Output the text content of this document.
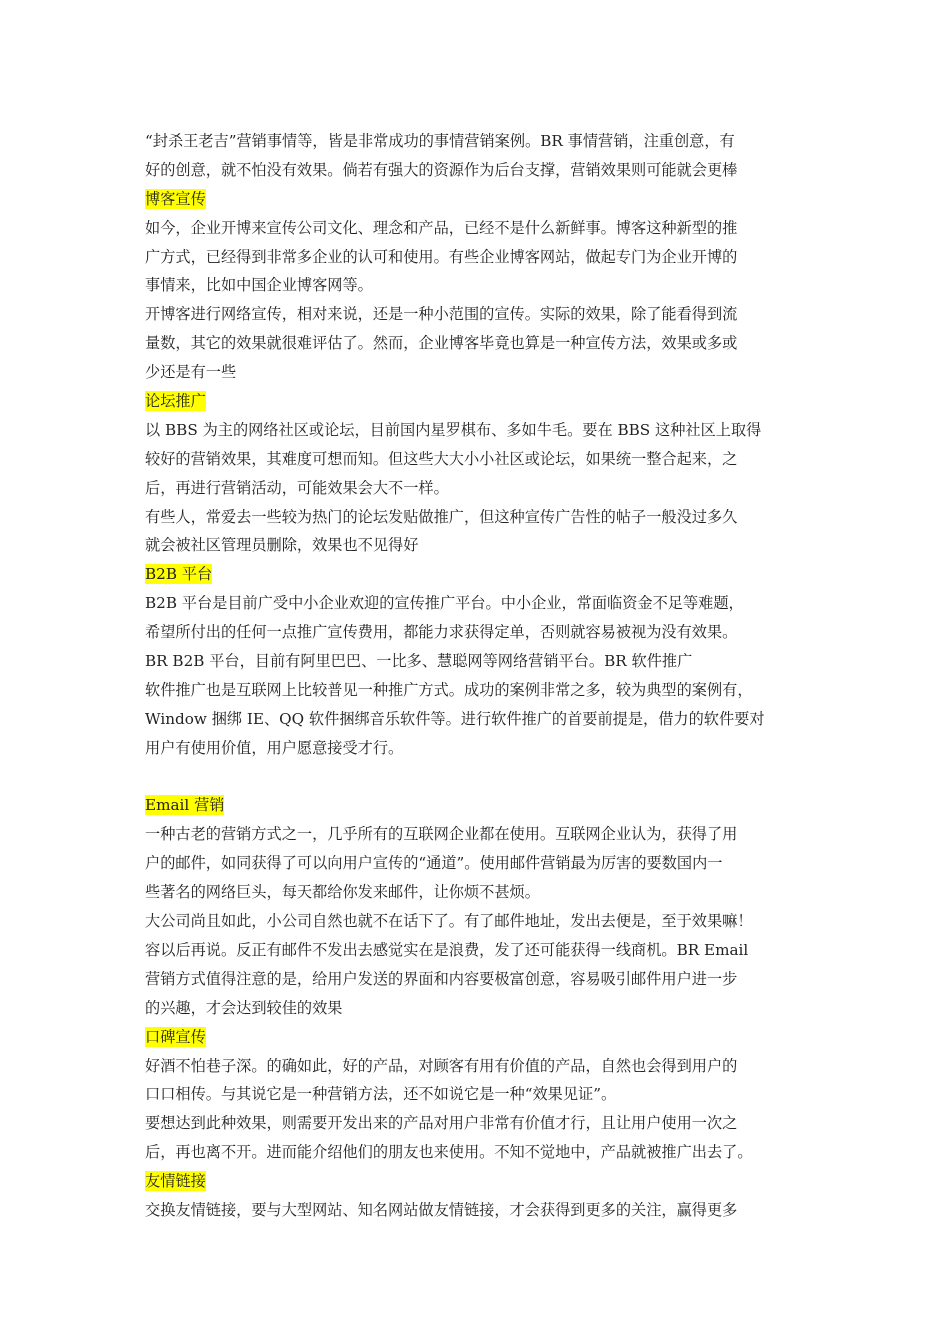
“封杀王老吉”营销事情等，皆是非常成功的事情营销案例。BR 事情营销，注重创意，有
好的创意，就不怕没有效果。倘若有强大的资源作为后台支撑，营销效果则可能就会更棒
博客宣传
如今，企业开博来宣传公司文化、理念和产品，已经不是什么新鲜事。博客这种新型的推
广方式，已经得到非常多企业的认可和使用。有些企业博客网站，做起专门为企业开博的
事情来，比如中国企业博客网等。
开博客进行网络宣传，相对来说，还是一种小范围的宣传。实际的效果，除了能看得到流
量数，其它的效果就很难评估了。然而，企业博客毕竟也算是一种宣传方法，效果或多或
少还是有一些
论坛推广
以 BBS 为主的网络社区或论坛，目前国内星罗棋布、多如牛毛。要在 BBS 这种社区上取得
较好的营销效果，其难度可想而知。但这些大大小小社区或论坛，如果统一整合起来，之
后，再进行营销活动，可能效果会大不一样。
有些人，常爱去一些较为热门的论坛发贴做推广，但这种宣传广告性的帖子一般没过多久
就会被社区管理员删除，效果也不见得好
B2B 平台
B2B 平台是目前广受中小企业欢迎的宣传推广平台。中小企业，常面临资金不足等难题，
希望所付出的任何一点推广宣传费用，都能力求获得定单，否则就容易被视为没有效果。
BR B2B 平台，目前有阿里巴巴、一比多、慧聪网等网络营销平台。BR 软件推广
软件推广也是互联网上比较普见一种推广方式。成功的案例非常之多，较为典型的案例有，
Window 捆绑 IE、QQ 软件捆绑音乐软件等。进行软件推广的首要前提是，借力的软件要对
用户有使用价值，用户愿意接受才行。
Email 营销
一种古老的营销方式之一，几乎所有的互联网企业都在使用。互联网企业认为，获得了用
户的邮件，如同获得了可以向用户宣传的“通道”。使用邮件营销最为厉害的要数国内一
些著名的网络巨头，每天都给你发来邮件，让你烦不甚烦。
大公司尚且如此，小公司自然也就不在话下了。有了邮件地址，发出去便是，至于效果嘛！
容以后再说。反正有邮件不发出去感觉实在是浪费，发了还可能获得一线商机。BR Email
营销方式值得注意的是，给用户发送的界面和内容要极富创意，容易吸引邮件用户进一步
的兴趣，才会达到较佳的效果
口碑宣传
好酒不怕巷子深。的确如此，好的产品，对顾客有用有价值的产品，自然也会得到用户的
口口相传。与其说它是一种营销方法，还不如说它是一种“效果见证”。
要想达到此种效果，则需要开发出来的产品对用户非常有价值才行，且让用户使用一次之
后，再也离不开。进而能介绍他们的朋友也来使用。不知不觉地中，产品就被推广出去了。
友情链接
交换友情链接，要与大型网站、知名网站做友情链接，才会获得到更多的关注，赢得更多
